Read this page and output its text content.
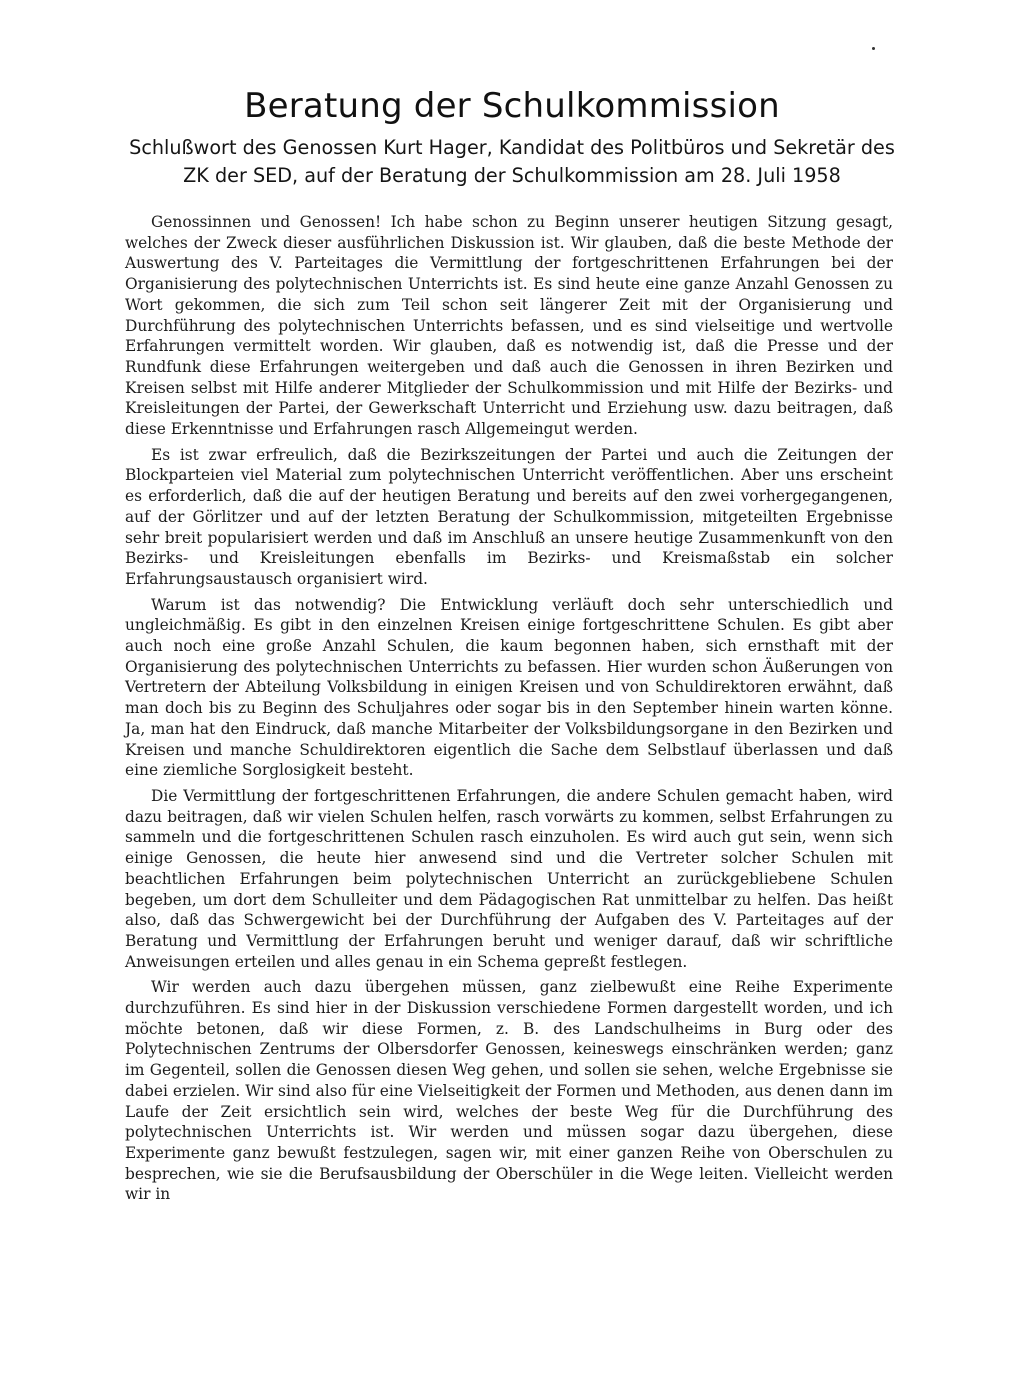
Beratung der Schulkommission

Schlußwort des Genossen Kurt Hager, Kandidat des Politbüros und Sekretär des ZK der SED, auf der Beratung der Schulkommission am 28. Juli 1958

Genossinnen und Genossen! Ich habe schon zu Beginn unserer heutigen Sitzung gesagt, welches der Zweck dieser ausführlichen Diskussion ist. Wir glauben, daß die beste Methode der Auswertung des V. Parteitages die Vermittlung der fortgeschrittenen Erfahrungen bei der Organisierung des polytechnischen Unterrichts ist. Es sind heute eine ganze Anzahl Genossen zu Wort gekommen, die sich zum Teil schon seit längerer Zeit mit der Organisierung und Durchführung des polytechnischen Unterrichts befassen, und es sind vielseitige und wertvolle Erfahrungen vermittelt worden. Wir glauben, daß es notwendig ist, daß die Presse und der Rundfunk diese Erfahrungen weitergeben und daß auch die Genossen in ihren Bezirken und Kreisen selbst mit Hilfe anderer Mitglieder der Schulkommission und mit Hilfe der Bezirks- und Kreisleitungen der Partei, der Gewerkschaft Unterricht und Erziehung usw. dazu beitragen, daß diese Erkenntnisse und Erfahrungen rasch Allgemeingut werden.

Es ist zwar erfreulich, daß die Bezirkszeitungen der Partei und auch die Zeitungen der Blockparteien viel Material zum polytechnischen Unterricht veröffentlichen. Aber uns erscheint es erforderlich, daß die auf der heutigen Beratung und bereits auf den zwei vorhergegangenen, auf der Görlitzer und auf der letzten Beratung der Schulkommission, mitgeteilten Ergebnisse sehr breit popularisiert werden und daß im Anschluß an unsere heutige Zusammenkunft von den Bezirks- und Kreisleitungen ebenfalls im Bezirks- und Kreismaßstab ein solcher Erfahrungsaustausch organisiert wird.

Warum ist das notwendig? Die Entwicklung verläuft doch sehr unterschiedlich und ungleichmäßig. Es gibt in den einzelnen Kreisen einige fortgeschrittene Schulen. Es gibt aber auch noch eine große Anzahl Schulen, die kaum begonnen haben, sich ernsthaft mit der Organisierung des polytechnischen Unterrichts zu befassen. Hier wurden schon Äußerungen von Vertretern der Abteilung Volksbildung in einigen Kreisen und von Schuldirektoren erwähnt, daß man doch bis zu Beginn des Schuljahres oder sogar bis in den September hinein warten könne. Ja, man hat den Eindruck, daß manche Mitarbeiter der Volksbildungsorgane in den Bezirken und Kreisen und manche Schuldirektoren eigentlich die Sache dem Selbstlauf überlassen und daß eine ziemliche Sorglosigkeit besteht.

Die Vermittlung der fortgeschrittenen Erfahrungen, die andere Schulen gemacht haben, wird dazu beitragen, daß wir vielen Schulen helfen, rasch vorwärts zu kommen, selbst Erfahrungen zu sammeln und die fortgeschrittenen Schulen rasch einzuholen. Es wird auch gut sein, wenn sich einige Genossen, die heute hier anwesend sind und die Vertreter solcher Schulen mit beachtlichen Erfahrungen beim polytechnischen Unterricht an zurückgebliebene Schulen begeben, um dort dem Schulleiter und dem Pädagogischen Rat unmittelbar zu helfen. Das heißt also, daß das Schwergewicht bei der Durchführung der Aufgaben des V. Parteitages auf der Beratung und Vermittlung der Erfahrungen beruht und weniger darauf, daß wir schriftliche Anweisungen erteilen und alles genau in ein Schema gepreßt festlegen.

Wir werden auch dazu übergehen müssen, ganz zielbewußt eine Reihe Experimente durchzuführen. Es sind hier in der Diskussion verschiedene Formen dargestellt worden, und ich möchte betonen, daß wir diese Formen, z. B. des Landschulheims in Burg oder des Polytechnischen Zentrums der Olbersdorfer Genossen, keineswegs einschränken werden; ganz im Gegenteil, sollen die Genossen diesen Weg gehen, und sollen sie sehen, welche Ergebnisse sie dabei erzielen. Wir sind also für eine Vielseitigkeit der Formen und Methoden, aus denen dann im Laufe der Zeit ersichtlich sein wird, welches der beste Weg für die Durchführung des polytechnischen Unterrichts ist. Wir werden und müssen sogar dazu übergehen, diese Experimente ganz bewußt festzulegen, sagen wir, mit einer ganzen Reihe von Oberschulen zu besprechen, wie sie die Berufsausbildung der Oberschüler in die Wege leiten. Vielleicht werden wir in
